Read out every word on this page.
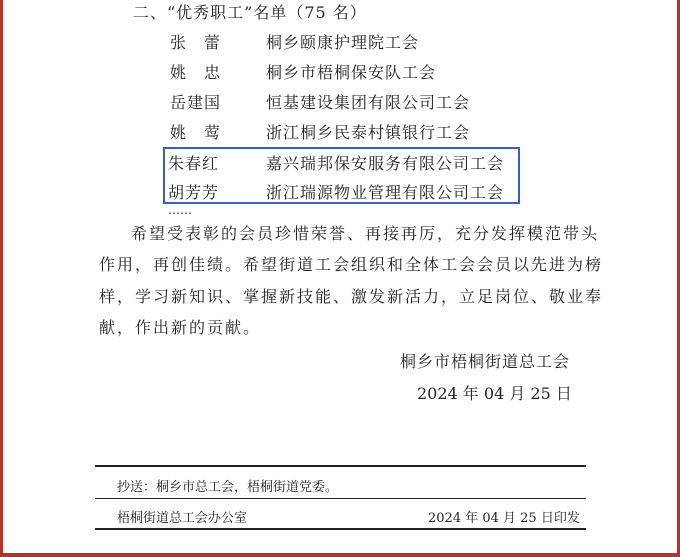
二、“优秀职工”名单（75 名）
张　蕾	桐乡颐康护理院工会
姚　忠	桐乡市梧桐保安队工会
岳建国	恒基建设集团有限公司工会
姚　莺	浙江桐乡民泰村镇银行工会
朱春红	嘉兴瑞邦保安服务有限公司工会
胡芳芳	浙江瑞源物业管理有限公司工会
……
希望受表彰的会员珍惜荣誉、再接再厉，充分发挥模范带头
作用，再创佳绩。希望街道工会组织和全体工会会员以先进为榜
样，学习新知识、掌握新技能、激发新活力，立足岗位、敬业奉
献，作出新的贡献。
桐乡市梧桐街道总工会
2024 年 04 月 25 日
抄送：桐乡市总工会，梧桐街道党委。
梧桐街道总工会办公室	2024 年 04 月 25 日印发
